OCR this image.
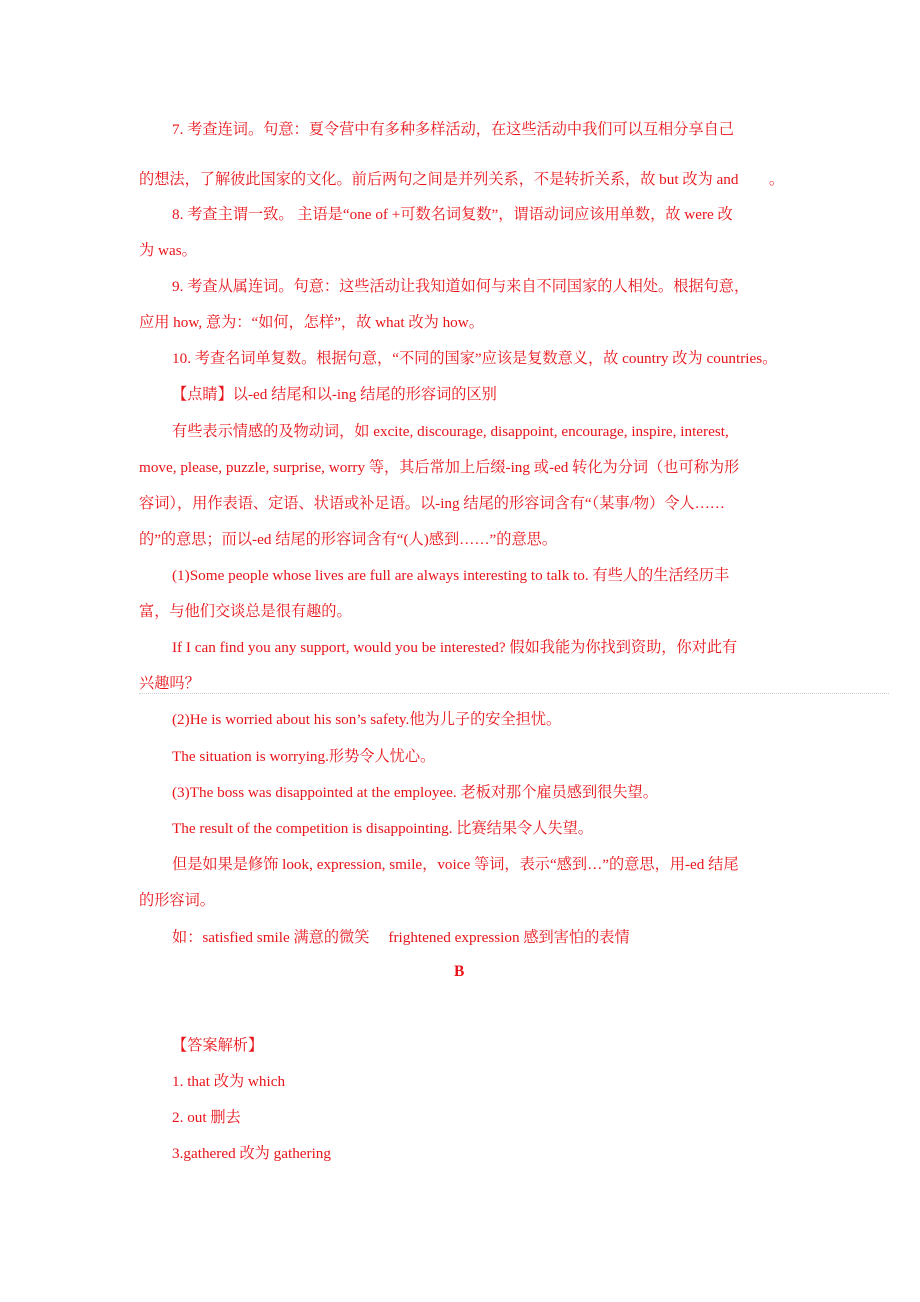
7. 考查连词。句意：夏令营中有多种多样活动，在这些活动中我们可以互相分享自己

的想法，了解彼此国家的文化。前后两句之间是并列关系，不是转折关系，故 but 改为 and　　。

8. 考查主谓一致。 主语是“one of +可数名词复数”，谓语动词应该用单数，故 were 改

为 was。

9. 考查从属连词。句意：这些活动让我知道如何与来自不同国家的人相处。根据句意，

应用 how, 意为：“如何，怎样”，故 what 改为 how。

10. 考查名词单复数。根据句意，“不同的国家”应该是复数意义，故 country 改为 countries。

【点睛】以-ed 结尾和以-ing 结尾的形容词的区别

有些表示情感的及物动词，如 excite, discourage, disappoint, encourage, inspire, interest,

move, please, puzzle, surprise, worry 等，其后常加上后缀-ing 或-ed 转化为分词（也可称为形

容词），用作表语、定语、状语或补足语。以-ing 结尾的形容词含有“（某事/物）令人……

的”的意思；而以-ed 结尾的形容词含有“(人)感到……”的意思。

(1)Some people whose lives are full are always interesting to talk to. 有些人的生活经历丰

富，与他们交谈总是很有趣的。

If I can find you any support, would you be interested? 假如我能为你找到资助，你对此有

兴趣吗？

(2)He is worried about his son’s safety.他为儿子的安全担忧。

The situation is worrying.形势令人忧心。

(3)The boss was disappointed at the employee. 老板对那个雇员感到很失望。

The result of the competition is disappointing. 比赛结果令人失望。

但是如果是修饰 look, expression, smile，voice 等词，表示“感到…”的意思，用-ed 结尾

的形容词。

如：satisfied smile 满意的微笑　 frightened expression 感到害怕的表情

B

【答案解析】

1. that 改为 which

2. out 删去

3.gathered 改为 gathering
